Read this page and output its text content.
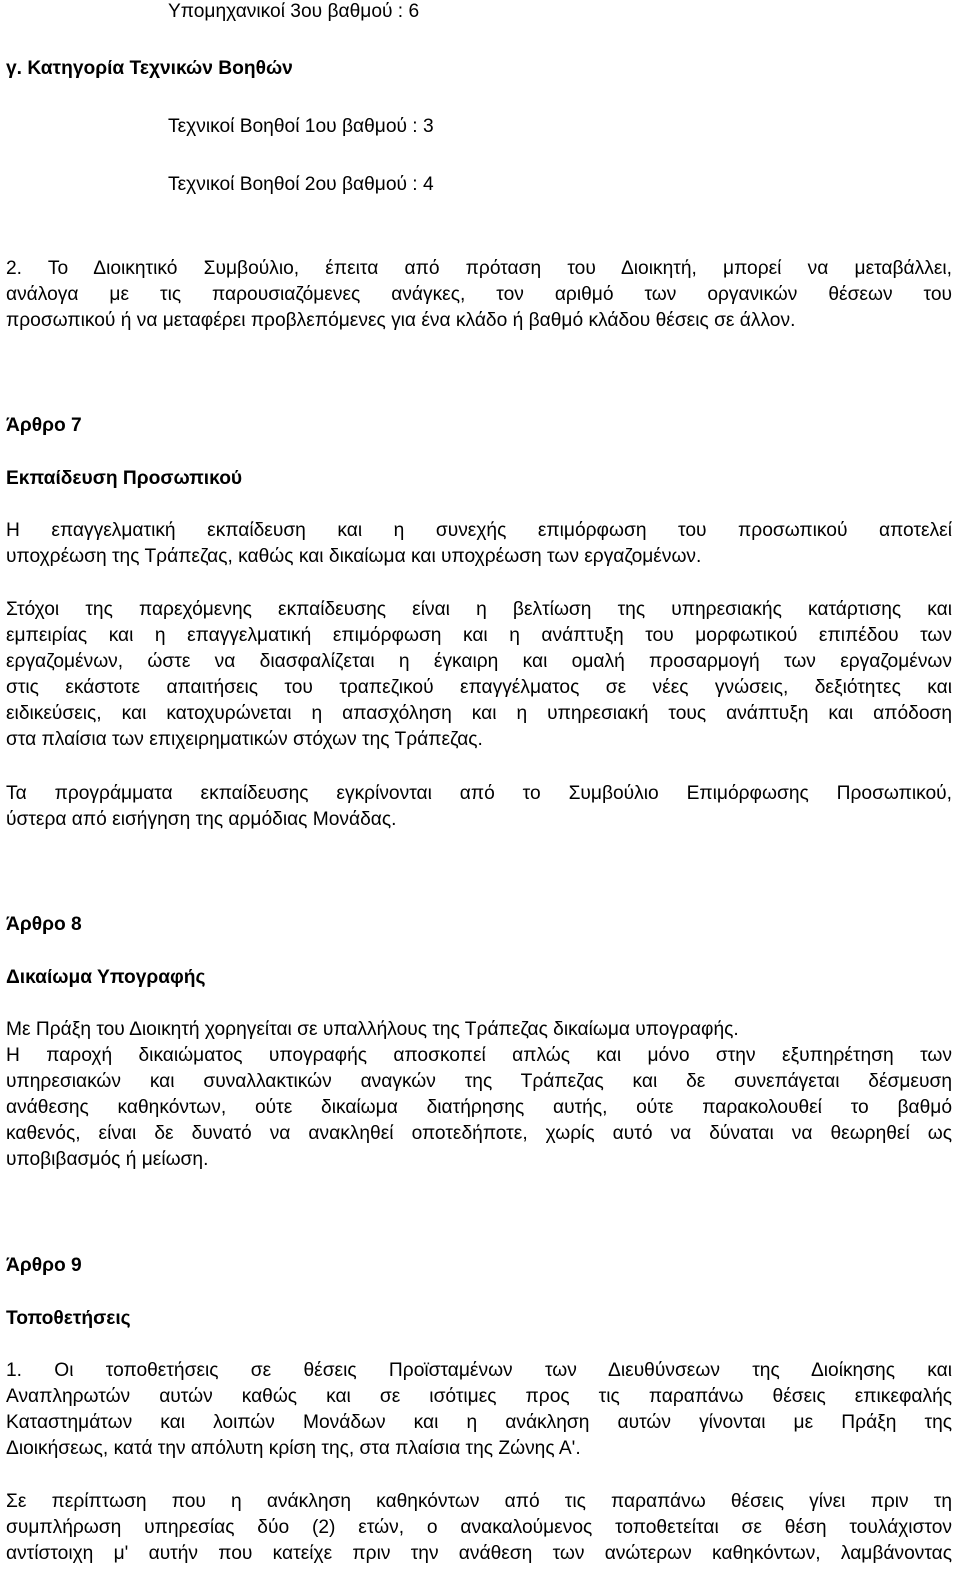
Υπομηχανικοί 3ου βαθμού : 6
γ. Κατηγορία Τεχνικών Βοηθών
Τεχνικοί Βοηθοί 1ου βαθμού : 3
Τεχνικοί Βοηθοί 2ου βαθμού : 4
2. Το Διοικητικό Συμβούλιο, έπειτα από πρόταση του Διοικητή, μπορεί να μεταβάλλει,
ανάλογα με τις παρουσιαζόμενες ανάγκες, τον αριθμό των οργανικών θέσεων του
προσωπικού ή να μεταφέρει προβλεπόμενες για ένα κλάδο ή βαθμό κλάδου θέσεις σε άλλον.
Άρθρο 7
Εκπαίδευση Προσωπικού
Η επαγγελματική εκπαίδευση και η συνεχής επιμόρφωση του προσωπικού αποτελεί
υποχρέωση της Τράπεζας, καθώς και δικαίωμα και υποχρέωση των εργαζομένων.
Στόχοι της παρεχόμενης εκπαίδευσης είναι η βελτίωση της υπηρεσιακής κατάρτισης και
εμπειρίας και η επαγγελματική επιμόρφωση και η ανάπτυξη του μορφωτικού επιπέδου των
εργαζομένων, ώστε να διασφαλίζεται η έγκαιρη και ομαλή προσαρμογή των εργαζομένων
στις εκάστοτε απαιτήσεις του τραπεζικού επαγγέλματος σε νέες γνώσεις, δεξιότητες και
ειδικεύσεις, και κατοχυρώνεται η απασχόληση και η υπηρεσιακή τους ανάπτυξη και απόδοση
στα πλαίσια των επιχειρηματικών στόχων της Τράπεζας.
Τα προγράμματα εκπαίδευσης εγκρίνονται από το Συμβούλιο Επιμόρφωσης Προσωπικού,
ύστερα από εισήγηση της αρμόδιας Μονάδας.
Άρθρο 8
Δικαίωμα Υπογραφής
Με Πράξη του Διοικητή χορηγείται σε υπαλλήλους της Τράπεζας δικαίωμα υπογραφής.
Η παροχή δικαιώματος υπογραφής αποσκοπεί απλώς και μόνο στην εξυπηρέτηση των
υπηρεσιακών και συναλλακτικών αναγκών της Τράπεζας και δε συνεπάγεται δέσμευση
ανάθεσης καθηκόντων, ούτε δικαίωμα διατήρησης αυτής, ούτε παρακολουθεί το βαθμό
καθενός, είναι δε δυνατό να ανακληθεί οποτεδήποτε, χωρίς αυτό να δύναται να θεωρηθεί ως
υποβιβασμός ή μείωση.
Άρθρο 9
Τοποθετήσεις
1. Οι τοποθετήσεις σε θέσεις Προϊσταμένων των Διευθύνσεων της Διοίκησης και
Αναπληρωτών αυτών καθώς και σε ισότιμες προς τις παραπάνω θέσεις επικεφαλής
Καταστημάτων και λοιπών Μονάδων και η ανάκληση αυτών γίνονται με Πράξη της
Διοικήσεως, κατά την απόλυτη κρίση της, στα πλαίσια της Ζώνης Α'.
Σε περίπτωση που η ανάκληση καθηκόντων από τις παραπάνω θέσεις γίνει πριν τη
συμπλήρωση υπηρεσίας δύο (2) ετών, ο ανακαλούμενος τοποθετείται σε θέση τουλάχιστον
αντίστοιχη μ' αυτήν που κατείχε πριν την ανάθεση των ανώτερων καθηκόντων, λαμβάνοντας
